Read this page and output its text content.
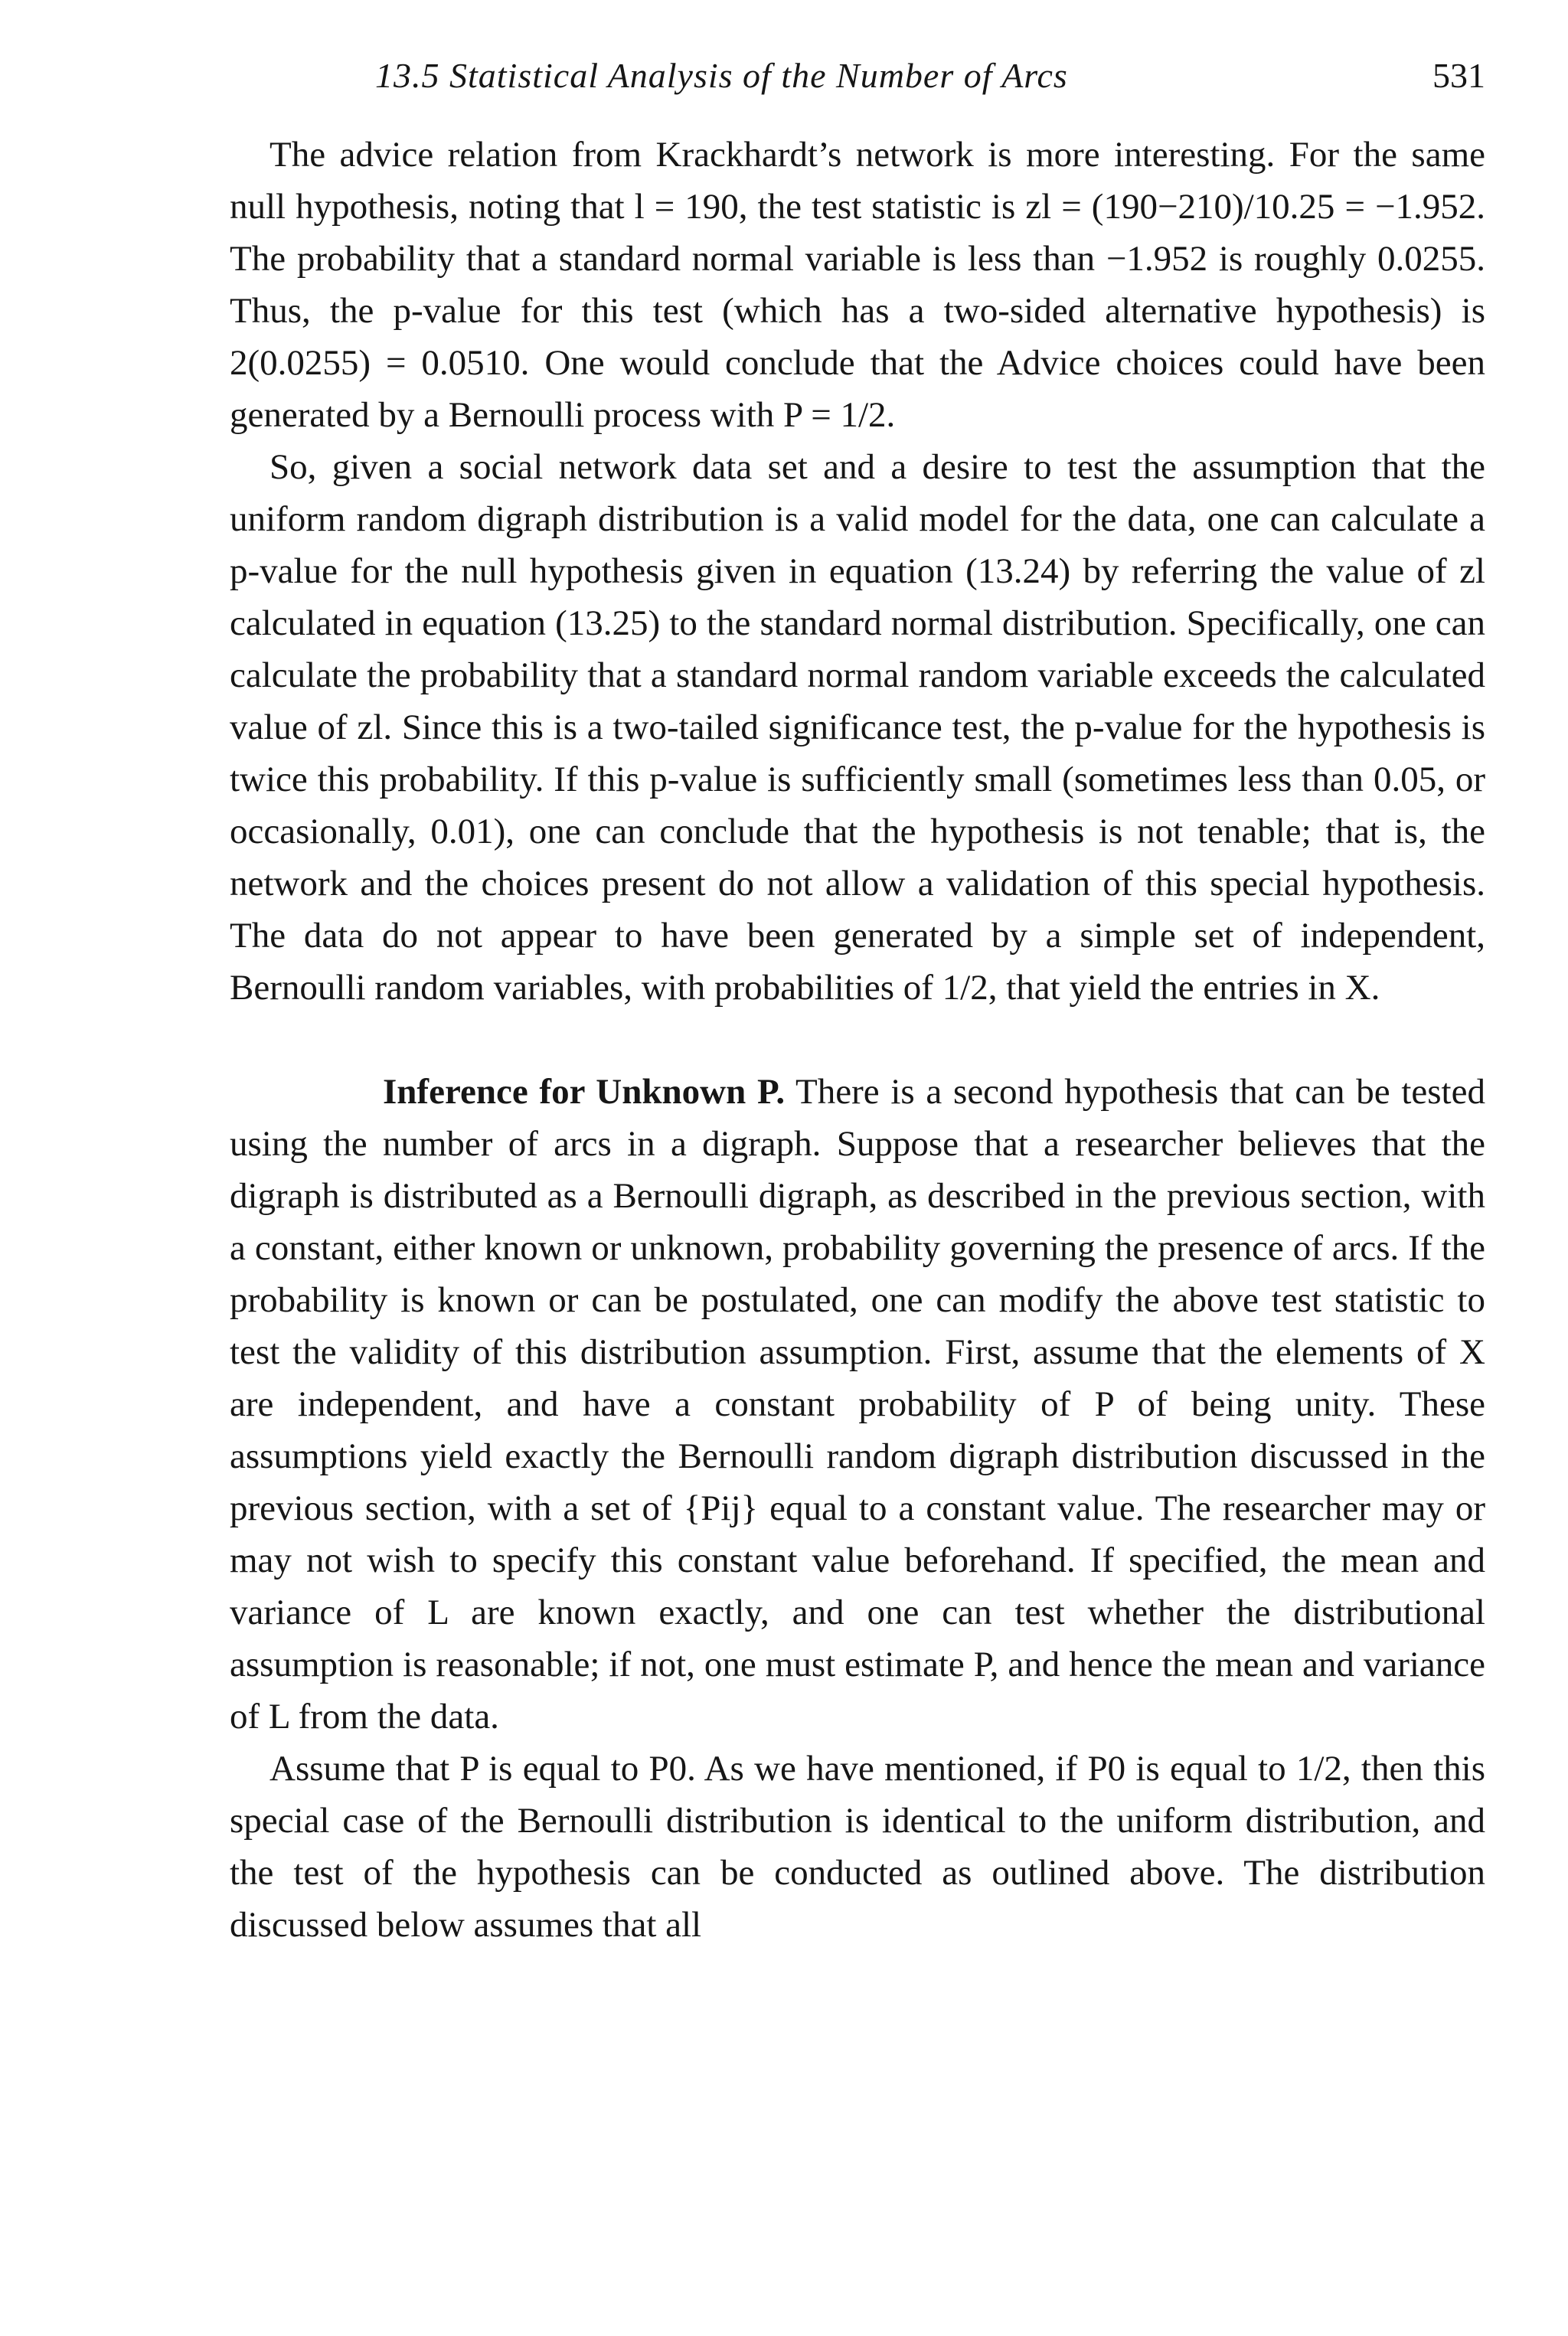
13.5 Statistical Analysis of the Number of Arcs	531

The advice relation from Krackhardt’s network is more interesting. For the same null hypothesis, noting that l = 190, the test statistic is zl = (190−210)/10.25 = −1.952. The probability that a standard normal variable is less than −1.952 is roughly 0.0255. Thus, the p-value for this test (which has a two-sided alternative hypothesis) is 2(0.0255) = 0.0510. One would conclude that the Advice choices could have been generated by a Bernoulli process with P = 1/2.

So, given a social network data set and a desire to test the assumption that the uniform random digraph distribution is a valid model for the data, one can calculate a p-value for the null hypothesis given in equation (13.24) by referring the value of zl calculated in equation (13.25) to the standard normal distribution. Specifically, one can calculate the probability that a standard normal random variable exceeds the calculated value of zl. Since this is a two-tailed significance test, the p-value for the hypothesis is twice this probability. If this p-value is sufficiently small (sometimes less than 0.05, or occasionally, 0.01), one can conclude that the hypothesis is not tenable; that is, the network and the choices present do not allow a validation of this special hypothesis. The data do not appear to have been generated by a simple set of independent, Bernoulli random variables, with probabilities of 1/2, that yield the entries in X.

Inference for Unknown P. There is a second hypothesis that can be tested using the number of arcs in a digraph. Suppose that a researcher believes that the digraph is distributed as a Bernoulli digraph, as described in the previous section, with a constant, either known or unknown, probability governing the presence of arcs. If the probability is known or can be postulated, one can modify the above test statistic to test the validity of this distribution assumption. First, assume that the elements of X are independent, and have a constant probability of P of being unity. These assumptions yield exactly the Bernoulli random digraph distribution discussed in the previous section, with a set of {Pij} equal to a constant value. The researcher may or may not wish to specify this constant value beforehand. If specified, the mean and variance of L are known exactly, and one can test whether the distributional assumption is reasonable; if not, one must estimate P, and hence the mean and variance of L from the data.

Assume that P is equal to P0. As we have mentioned, if P0 is equal to 1/2, then this special case of the Bernoulli distribution is identical to the uniform distribution, and the test of the hypothesis can be conducted as outlined above. The distribution discussed below assumes that all
